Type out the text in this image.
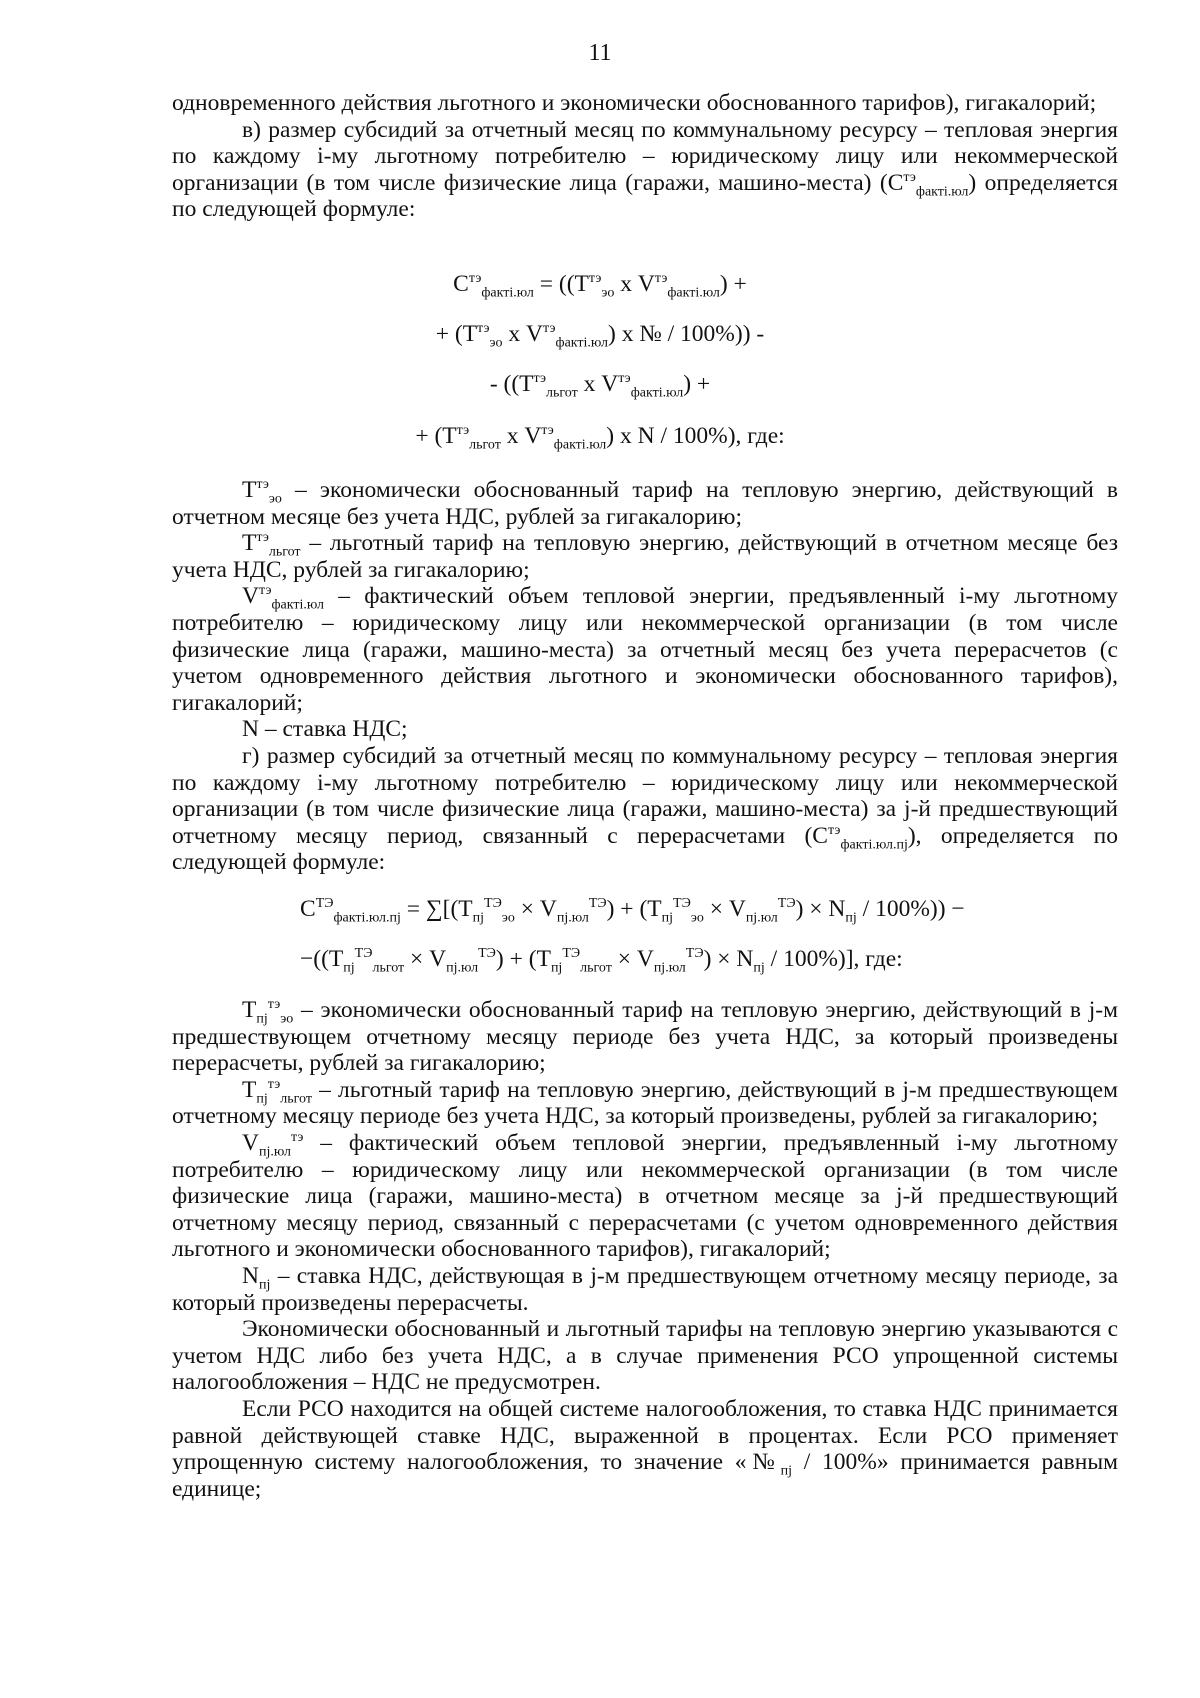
11

одновременного действия льготного и экономически обоснованного тарифов), гигакалорий;

в) размер субсидий за отчетный месяц по коммунальному ресурсу – тепловая энергия по каждому i-му льготному потребителю – юридическому лицу или некоммерческой организации (в том числе физические лица (гаражи, машино-места) $(С^{тэ}_{факті.юл})$ определяется по следующей формуле:

$С^{тэ}_{факті.юл} = ((Т^{тэ}_{эо}$ х $V^{тэ}_{факті.юл}$) +
+ ($Т^{тэ}_{эо}$ х $V^{тэ}_{факті.юл}$) х № / 100%)) -
- (($Т^{тэ}_{льгот}$ х $V^{тэ}_{факті.юл}$) +
+ ($Т^{тэ}_{льгот}$ х $V^{тэ}_{факті.юл}$) х N / 100%), где:

$Т^{тэ}_{эо}$ – экономически обоснованный тариф на тепловую энергию, действующий в отчетном месяце без учета НДС, рублей за гигакалорию;

$Т^{тэ}_{льгот}$ – льготный тариф на тепловую энергию, действующий в отчетном месяце без учета НДС, рублей за гигакалорию;

$V^{тэ}_{факті.юл}$ – фактический объем тепловой энергии, предъявленный i-му льготному потребителю – юридическому лицу или некоммерческой организации (в том числе физические лица (гаражи, машино-места) за отчетный месяц без учета перерасчетов (с учетом одновременного действия льготного и экономически обоснованного тарифов), гигакалорий;

N – ставка НДС;

г) размер субсидий за отчетный месяц по коммунальному ресурсу – тепловая энергия по каждому i-му льготному потребителю – юридическому лицу или некоммерческой организации (в том числе физические лица (гаражи, машино-места) за j-й предшествующий отчетному месяцу период, связанный с перерасчетами $(С^{тэ}_{факті.юл.пj})$, определяется по следующей формуле:

$С^{ТЭ}_{факті.юл.пj} = \sum[(Т_{пj}^{ТЭ}_{эо} \times V_{пj.юл}^{ТЭ}) + (Т_{пj}^{ТЭ}_{эо} \times V_{пj.юл}^{ТЭ}) \times N_{пj} / 100\%)$) −
$-((Т_{пj}^{ТЭ}_{льгот} \times V_{пj.юл}^{ТЭ}) + (Т_{пj}^{ТЭ}_{льгот} \times V_{пj.юл}^{ТЭ}) \times N_{пj} / 100\%)$], где:

$Т_{пj}^{тэ}_{эо}$ – экономически обоснованный тариф на тепловую энергию, действующий в j-м предшествующем отчетному месяцу периоде без учета НДС, за который произведены перерасчеты, рублей за гигакалорию;

$Т_{пj}^{тэ}_{льгот}$ – льготный тариф на тепловую энергию, действующий в j-м предшествующем отчетному месяцу периоде без учета НДС, за который произведены, рублей за гигакалорию;

$V_{пj.юл}^{тэ}$ – фактический объем тепловой энергии, предъявленный i-му льготному потребителю – юридическому лицу или некоммерческой организации (в том числе физические лица (гаражи, машино-места) в отчетном месяце за j-й предшествующий отчетному месяцу период, связанный с перерасчетами (с учетом одновременного действия льготного и экономически обоснованного тарифов), гигакалорий;

$N_{пj}$ – ставка НДС, действующая в j-м предшествующем отчетному месяцу периоде, за который произведены перерасчеты.

Экономически обоснованный и льготный тарифы на тепловую энергию указываются с учетом НДС либо без учета НДС, а в случае применения РСО упрощенной системы налогообложения – НДС не предусмотрен.

Если РСО находится на общей системе налогообложения, то ставка НДС принимается равной действующей ставке НДС, выраженной в процентах. Если РСО применяет упрощенную систему налогообложения, то значение «$№_{пj} / 100\%$» принимается равным единице;
